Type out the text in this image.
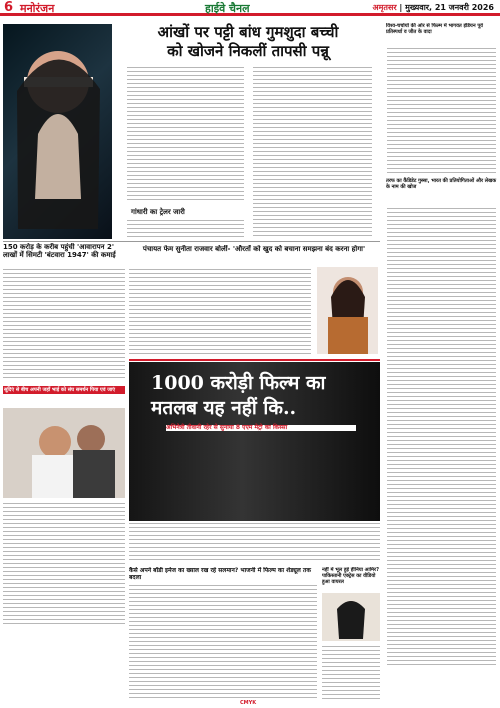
6 मनोरंजन	हाईवे चैनल	अमृतसर | मुख्यवार, 21 जनवरी 2026
आंखों पर पट्टी बांध गुमशुदा बच्ची
को खोजने निकलीं तापसी पन्नू
गांधारी का ट्रेलर जारी
विश्व-चर्चायों की ओर से फिल्म में भागवत इंडियन पूर्व प्रतिस्पर्धा व जीत के वादा
तरफ का कैंडिडेट गुस्सा, भारत की प्रतियोगिताओं और लेखक के नाम की खोज
150 करोड़ के करीब पहुंची 'आवारापन 2' लाखों में सिमटी 'बंटवारा 1947' की कमाई
पंचायत फेम सुनीता राजवार बोलीं- 'औरतों को खुद को बचाना समझना बंद करना होगा'
1000 करोड़ी फिल्म का
मतलब यह नहीं कि..
अभिनेत्री तीवानी रहेर से सुनाया 8 एएम मेट्रो का किस्सा
सूदिएं से बीच अपनी जहाँ भाई को संघ समर्थन पिया एवं जाएं
कैसे अपने बॉडी इमेज का ख्याल रख रहे सलमान? भाजनी में फिल्म का शेड्यूल तक बदला
नहीं में भूल हुई हीनिया आमिर? पाकिस्तानी एक्ट्रेस का वीडियो हुआ वायरल
CMYK
